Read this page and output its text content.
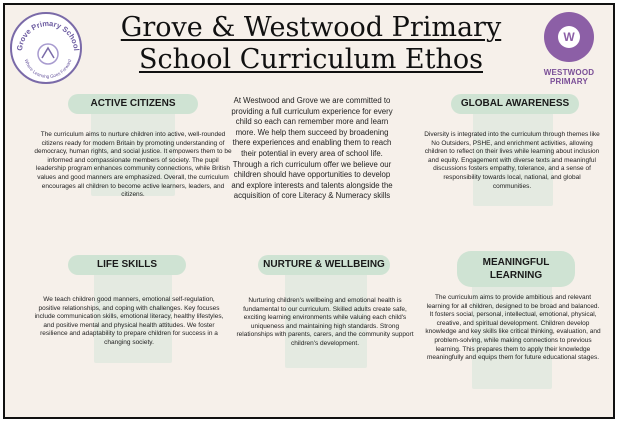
Grove Primary School
Where Learning Goes Forward
Grove & Westwood Primary
School Curriculum Ethos
W
WESTWOOD
PRIMARY
ACTIVE CITIZENS

The curriculum aims to nurture children into active, well-rounded citizens ready for modern Britain by promoting understanding of democracy, human rights, and social justice. It empowers them to be informed and compassionate members of society. The pupil leadership program enhances community connections, while British values and good manners are emphasized. Overall, the curriculum encourages all children to become active learners, leaders, and citizens.

At Westwood and Grove we are committed to providing a full curriculum experience for every child so each can remember more and learn more. We help them succeed by broadening there experiences and enabling them to reach their potential in every area of school life. Through a rich curriculum offer we believe our children should have opportunities to develop and explore interests and talents alongside the acquisition of core Literacy & Numeracy skills

GLOBAL AWARENESS

Diversity is integrated into the curriculum through themes like No Outsiders, PSHE, and enrichment activities, allowing children to reflect on their lives while learning about inclusion and equity. Engagement with diverse texts and meaningful discussions fosters empathy, tolerance, and a sense of responsibility towards local, national, and global communities.

LIFE SKILLS

We teach children good manners, emotional self-regulation, positive relationships, and coping with challenges. Key focuses include communication skills, emotional literacy, healthy lifestyles, and positive mental and physical health attitudes. We foster resilience and adaptability to prepare children for success in a changing society.

NURTURE & WELLBEING

Nurturing children's wellbeing and emotional health is fundamental to our curriculum. Skilled adults create safe, exciting learning environments while valuing each child's uniqueness and maintaining high standards. Strong relationships with parents, carers, and the community support children's development.

MEANINGFUL
LEARNING

The curriculum aims to provide ambitious and relevant learning for all children, designed to be broad and balanced. It fosters social, personal, intellectual, emotional, physical, creative, and spiritual development. Children develop knowledge and key skills like critical thinking, evaluation, and problem-solving, while making connections to previous learning. This prepares them to apply their knowledge meaningfully and equips them for future educational stages.
